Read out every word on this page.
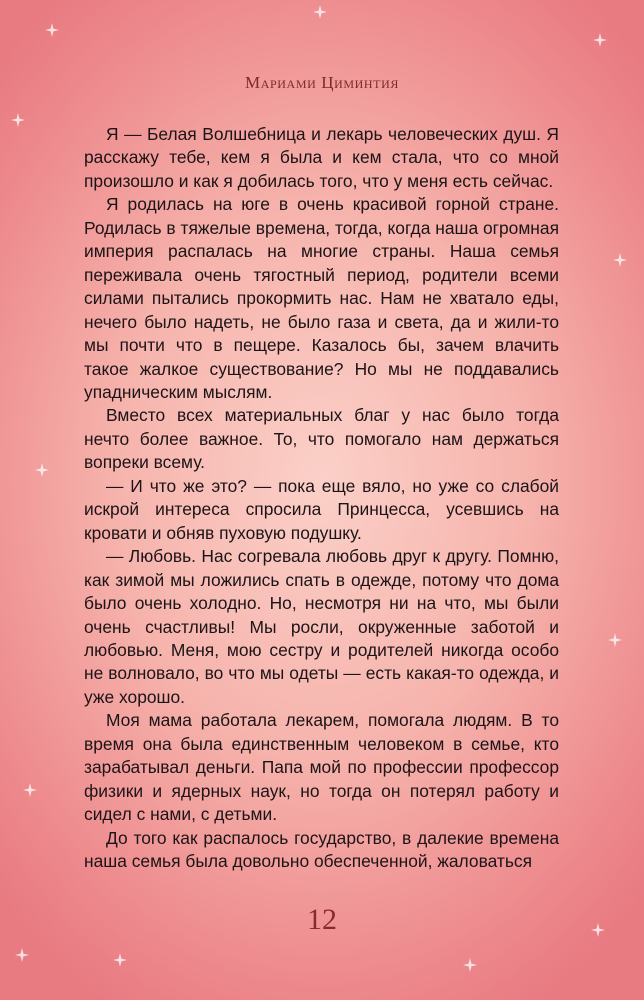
Мариами Циминтия

Я — Белая Волшебница и лекарь человеческих душ. Я расскажу тебе, кем я была и кем стала, что со мной произошло и как я добилась того, что у меня есть сейчас.

Я родилась на юге в очень красивой горной стране. Родилась в тяжелые времена, тогда, когда наша огромная империя распалась на многие страны. Наша семья переживала очень тягостный период, родители всеми силами пытались прокормить нас. Нам не хватало еды, нечего было надеть, не было газа и света, да и жили-то мы почти что в пещере. Казалось бы, зачем влачить такое жалкое существование? Но мы не поддавались упадническим мыслям.

Вместо всех материальных благ у нас было тогда нечто более важное. То, что помогало нам держаться вопреки всему.

— И что же это? — пока еще вяло, но уже со слабой искрой интереса спросила Принцесса, усевшись на кровати и обняв пуховую подушку.

— Любовь. Нас согревала любовь друг к другу. Помню, как зимой мы ложились спать в одежде, потому что дома было очень холодно. Но, несмотря ни на что, мы были очень счастливы! Мы росли, окруженные заботой и любовью. Меня, мою сестру и родителей никогда особо не волновало, во что мы одеты — есть какая-то одежда, и уже хорошо.

Моя мама работала лекарем, помогала людям. В то время она была единственным человеком в семье, кто зарабатывал деньги. Папа мой по профессии профессор физики и ядерных наук, но тогда он потерял работу и сидел с нами, с детьми.

До того как распалось государство, в далекие времена наша семья была довольно обеспеченной, жаловаться

12
